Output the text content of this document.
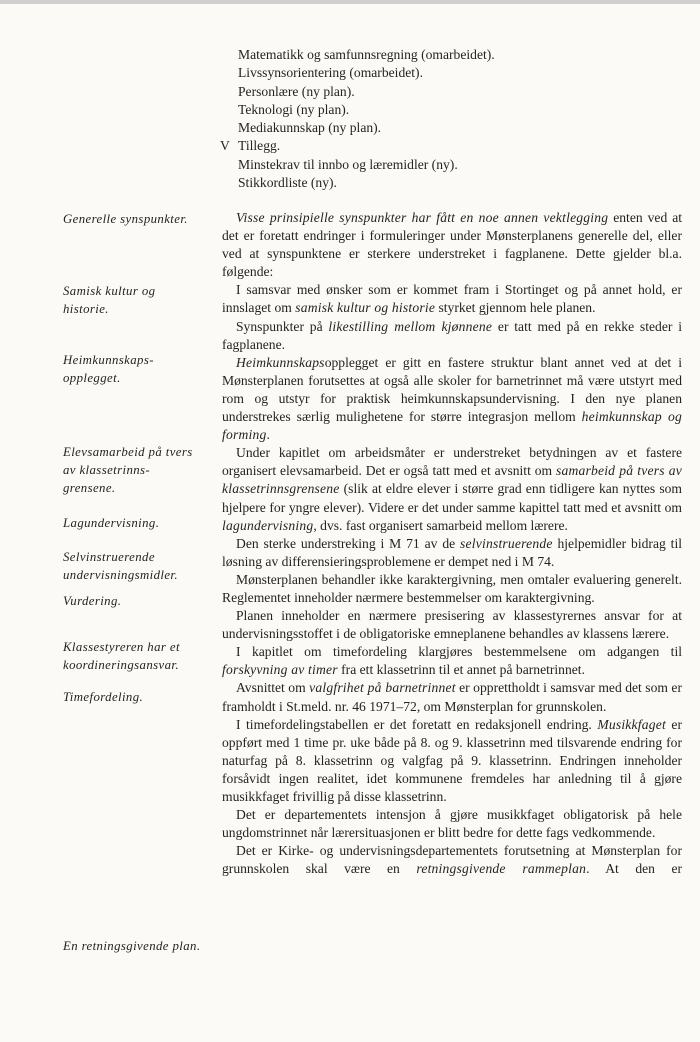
Matematikk og samfunnsregning (omarbeidet).
Livssynsorientering (omarbeidet).
Personlære (ny plan).
Teknologi (ny plan).
Mediakunnskap (ny plan).
V Tillegg.
Minstekrav til innbo og læremidler (ny).
Stikkordliste (ny).
Generelle synspunkter.
Samisk kultur og
historie.
Heimkunnskaps-
opplegget.
Elevsamarbeid på tvers
av klassetrinns-
grensene.
Lagundervisning.
Selvinstruerende
undervisningsmidler.
Vurdering.
Klassestyreren har et
koordineringsansvar.
Timefordeling.
En retningsgivende plan.

Visse prinsipielle synspunkter har fått en noe annen vektlegging enten ved at det er foretatt endringer i formuleringer under Mønsterplanens generelle del, eller ved at synspunktene er sterkere understreket i fagplanene. Dette gjelder bl.a. følgende:

I samsvar med ønsker som er kommet fram i Stortinget og på annet hold, er innslaget om samisk kultur og historie styrket gjennom hele planen.

Synspunkter på likestilling mellom kjønnene er tatt med på en rekke steder i fagplanene.

Heimkunnskapsopplegget er gitt en fastere struktur blant annet ved at det i Mønsterplanen forutsettes at også alle skoler for barnetrinnet må være utstyrt med rom og utstyr for praktisk heimkunnskapsundervisning. I den nye planen understrekes særlig mulighetene for større integrasjon mellom heimkunnskap og forming.

Under kapitlet om arbeidsmåter er understreket betydningen av et fastere organisert elevsamarbeid. Det er også tatt med et avsnitt om samarbeid på tvers av klassetrinnsgrensene (slik at eldre elever i større grad enn tidligere kan nyttes som hjelpere for yngre elever). Videre er det under samme kapittel tatt med et avsnitt om lagundervisning, dvs. fast organisert samarbeid mellom lærere.

Den sterke understreking i M 71 av de selvinstruerende hjelpemidler bidrag til løsning av differensieringsproblemene er dempet ned i M 74.

Mønsterplanen behandler ikke karaktergivning, men omtaler evaluering generelt. Reglementet inneholder nærmere bestemmelser om karaktergivning.

Planen inneholder en nærmere presisering av klassestyrernes ansvar for at undervisningsstoffet i de obligatoriske emneplanene behandles av klassens lærere.

I kapitlet om timefordeling klargjøres bestemmelsene om adgangen til forskyvning av timer fra ett klassetrinn til et annet på barnetrinnet.

Avsnittet om valgfrihet på barnetrinnet er opprettholdt i samsvar med det som er framholdt i St.meld. nr. 46 1971–72, om Mønsterplan for grunnskolen.

I timefordelingstabellen er det foretatt en redaksjonell endring. Musikkfaget er oppført med 1 time pr. uke både på 8. og 9. klassetrinn med tilsvarende endring for naturfag på 8. klassetrinn og valgfag på 9. klassetrinn. Endringen inneholder forsåvidt ingen realitet, idet kommunene fremdeles har anledning til å gjøre musikkfaget frivillig på disse klassetrinn.

Det er departementets intensjon å gjøre musikkfaget obligatorisk på hele ungdomstrinnet når lærersituasjonen er blitt bedre for dette fags vedkommende.

Det er Kirke- og undervisningsdepartementets forutsetning at Mønsterplan for grunnskolen skal være en retningsgivende rammeplan. At den er
